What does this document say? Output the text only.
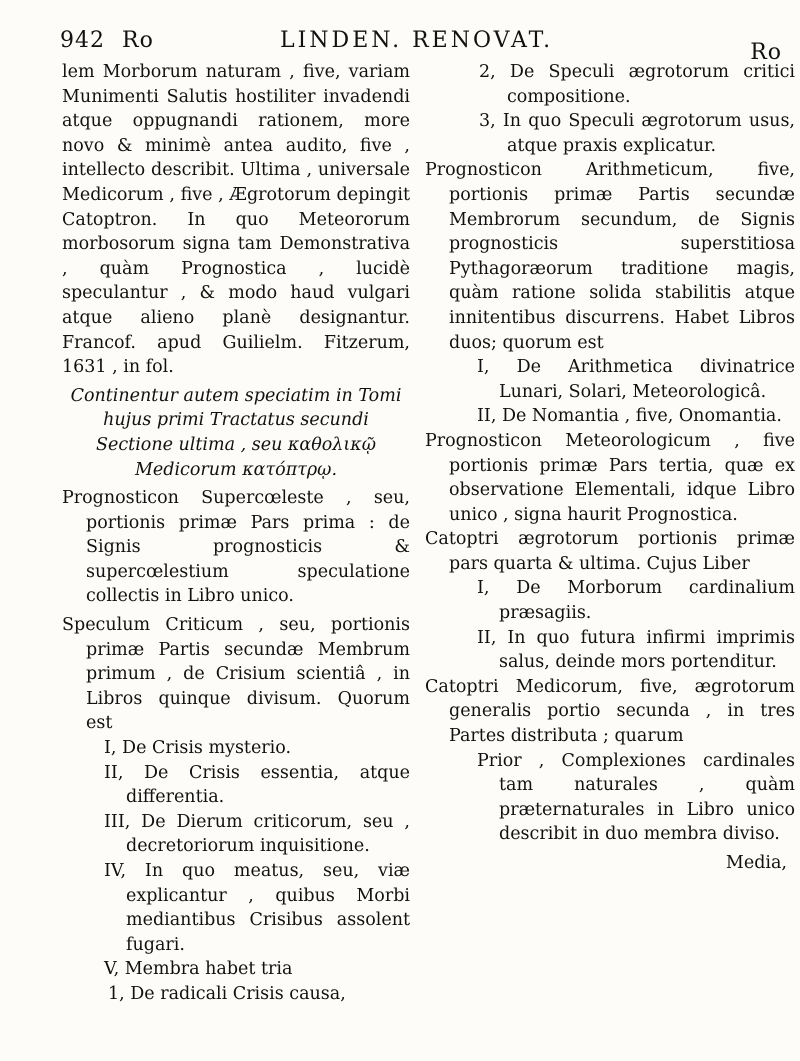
942 Ro	LINDEN. RENOVAT.	Ro

lem Morborum naturam , five, variam Munimenti Salutis hostiliter invadendi atque oppugnandi rationem, more novo & minimè antea audito, five , intellecto describit. Ultima , universale Medicorum , five , Ægrotorum depingit Catoptron. In quo Meteororum morbosorum signa tam Demonstrativa , quàm Prognostica , lucidè speculantur , & modo haud vulgari atque alieno planè designantur. Francof. apud Guilielm. Fitzerum, 1631 , in fol.

Continentur autem speciatim in Tomi hujus primi Tractatus secundi Sectione ultima , seu καθολικῷ Medicorum κατόπτρῳ.

Prognosticon Supercœleste , seu, portionis primæ Pars prima : de Signis prognosticis & supercœlestium speculatione collectis in Libro unico.

Speculum Criticum , seu, portionis primæ Partis secundæ Membrum primum , de Crisium scientiâ , in Libros quinque divisum. Quorum est

I, De Crisis mysterio.

II, De Crisis essentia, atque differentia.

III, De Dierum criticorum, seu , decretoriorum inquisitione.

IV, In quo meatus, seu, viæ explicantur , quibus Morbi mediantibus Crisibus assolent fugari.

V, Membra habet tria

1, De radicali Crisis causa,

2, De Speculi ægrotorum critici compositione.

3, In quo Speculi ægrotorum usus, atque praxis explicatur.

Prognosticon Arithmeticum, five, portionis primæ Partis secundæ Membrorum secundum, de Signis prognosticis superstitiosa Pythagoræorum traditione magis, quàm ratione solida stabilitis atque innitentibus discurrens. Habet Libros duos; quorum est

I, De Arithmetica divinatrice Lunari, Solari, Meteorologicâ.

II, De Nomantia , five, Onomantia.

Prognosticon Meteorologicum , five portionis primæ Pars tertia, quæ ex observatione Elementali, idque Libro unico , signa haurit Prognostica.

Catoptri ægrotorum portionis primæ pars quarta & ultima. Cujus Liber

I, De Morborum cardinalium præsagiis.

II, In quo futura infirmi imprimis salus, deinde mors portenditur.

Catoptri Medicorum, five, ægrotorum generalis portio secunda , in tres Partes distributa ; quarum

Prior , Complexiones cardinales tam naturales , quàm præternaturales in Libro unico describit in duo membra diviso.

Media,
